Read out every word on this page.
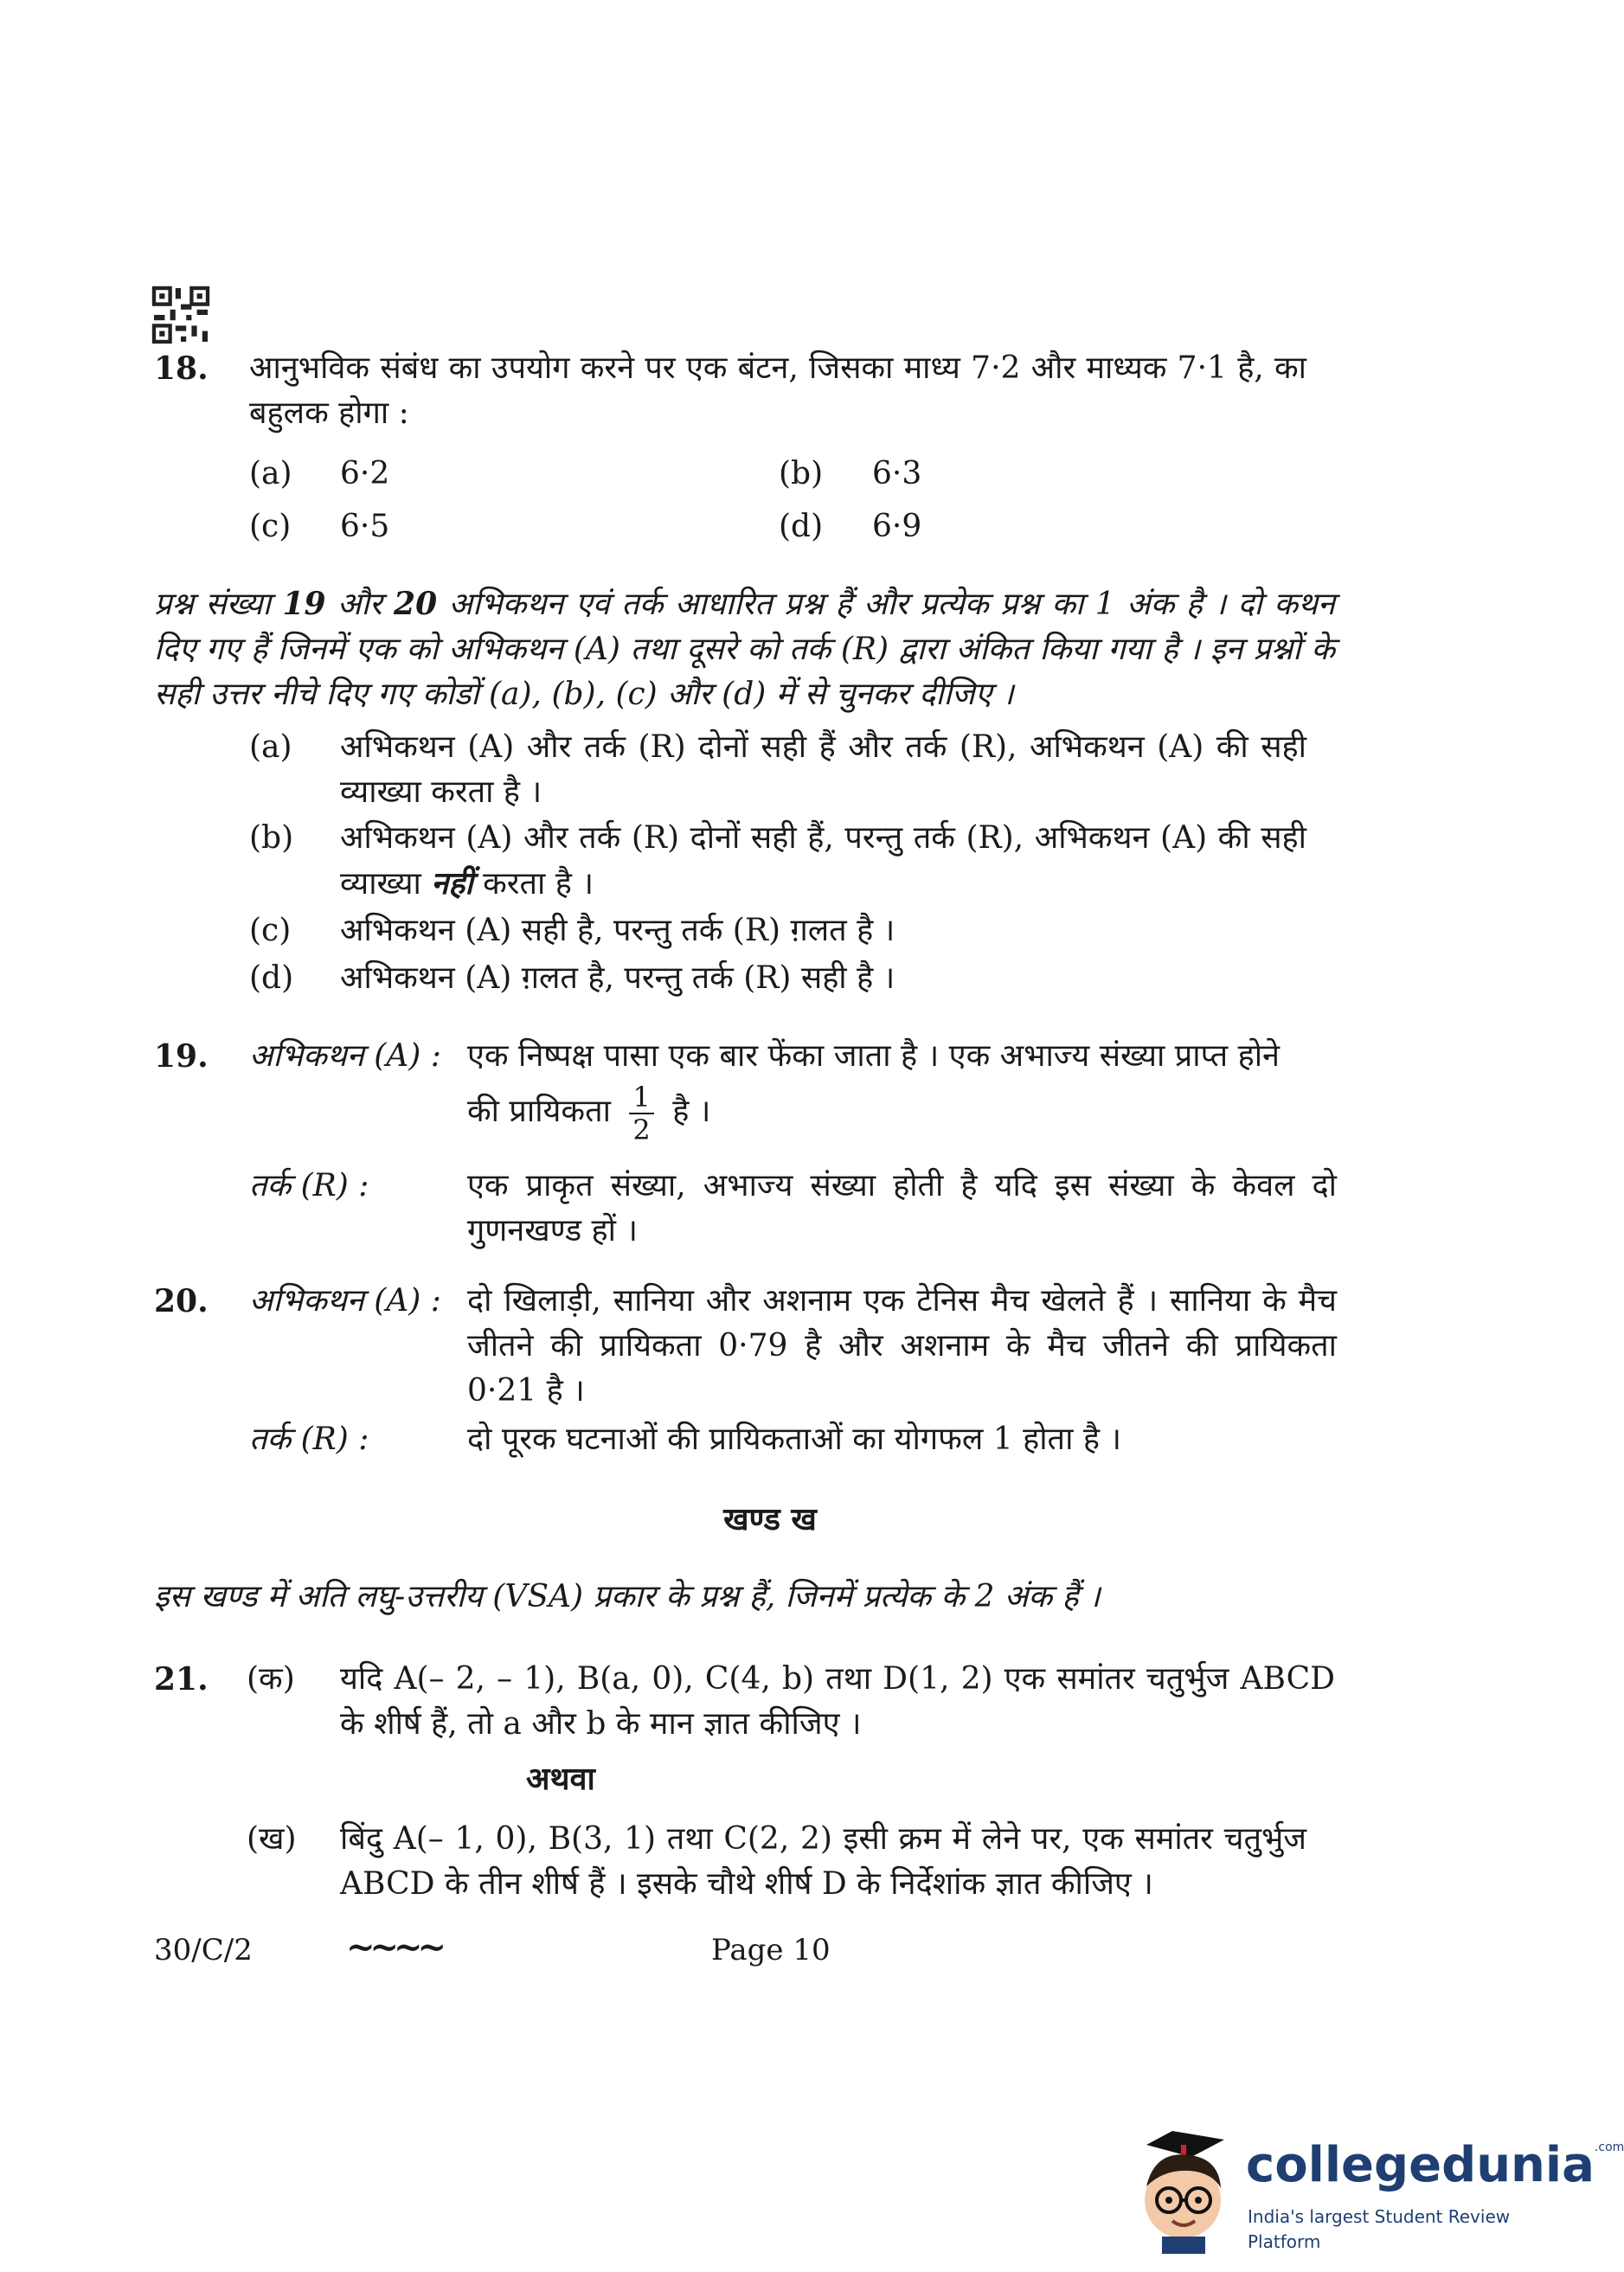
18. आनुभविक संबंध का उपयोग करने पर एक बंटन, जिसका माध्य 7·2 और माध्यक 7·1 है, का बहुलक होगा :
(a) 6·2	(b) 6·3
(c) 6·5	(d) 6·9
प्रश्न संख्या 19 और 20 अभिकथन एवं तर्क आधारित प्रश्न हैं और प्रत्येक प्रश्न का 1 अंक है । दो कथन दिए गए हैं जिनमें एक को अभिकथन (A) तथा दूसरे को तर्क (R) द्वारा अंकित किया गया है । इन प्रश्नों के सही उत्तर नीचे दिए गए कोडों (a), (b), (c) और (d) में से चुनकर दीजिए ।
(a) अभिकथन (A) और तर्क (R) दोनों सही हैं और तर्क (R), अभिकथन (A) की सही व्याख्या करता है ।
(b) अभिकथन (A) और तर्क (R) दोनों सही हैं, परन्तु तर्क (R), अभिकथन (A) की सही व्याख्या नहीं करता है ।
(c) अभिकथन (A) सही है, परन्तु तर्क (R) ग़लत है ।
(d) अभिकथन (A) ग़लत है, परन्तु तर्क (R) सही है ।
19. अभिकथन (A) : एक निष्पक्ष पासा एक बार फेंका जाता है । एक अभाज्य संख्या प्राप्त होने
की प्रायिकता $\frac{1}{2}$ है ।
तर्क (R) :	एक प्राकृत संख्या, अभाज्य संख्या होती है यदि इस संख्या के केवल दो गुणनखण्ड हों ।
20. अभिकथन (A) : दो खिलाड़ी, सानिया और अशनाम एक टेनिस मैच खेलते हैं । सानिया के मैच जीतने की प्रायिकता 0·79 है और अशनाम के मैच जीतने की प्रायिकता 0·21 है ।
तर्क (R) :	दो पूरक घटनाओं की प्रायिकताओं का योगफल 1 होता है ।
खण्ड ख
इस खण्ड में अति लघु-उत्तरीय (VSA) प्रकार के प्रश्न हैं, जिनमें प्रत्येक के 2 अंक हैं ।
21. (क) यदि A(– 2, – 1), B(a, 0), C(4, b) तथा D(1, 2) एक समांतर चतुर्भुज ABCD के शीर्ष हैं, तो a और b के मान ज्ञात कीजिए ।
अथवा
(ख) बिंदु A(– 1, 0), B(3, 1) तथा C(2, 2) इसी क्रम में लेने पर, एक समांतर चतुर्भुज ABCD के तीन शीर्ष हैं । इसके चौथे शीर्ष D के निर्देशांक ज्ञात कीजिए ।
30/C/2	~~~~	Page 10
collegedunia$^{.com}$
India's largest Student Review Platform
